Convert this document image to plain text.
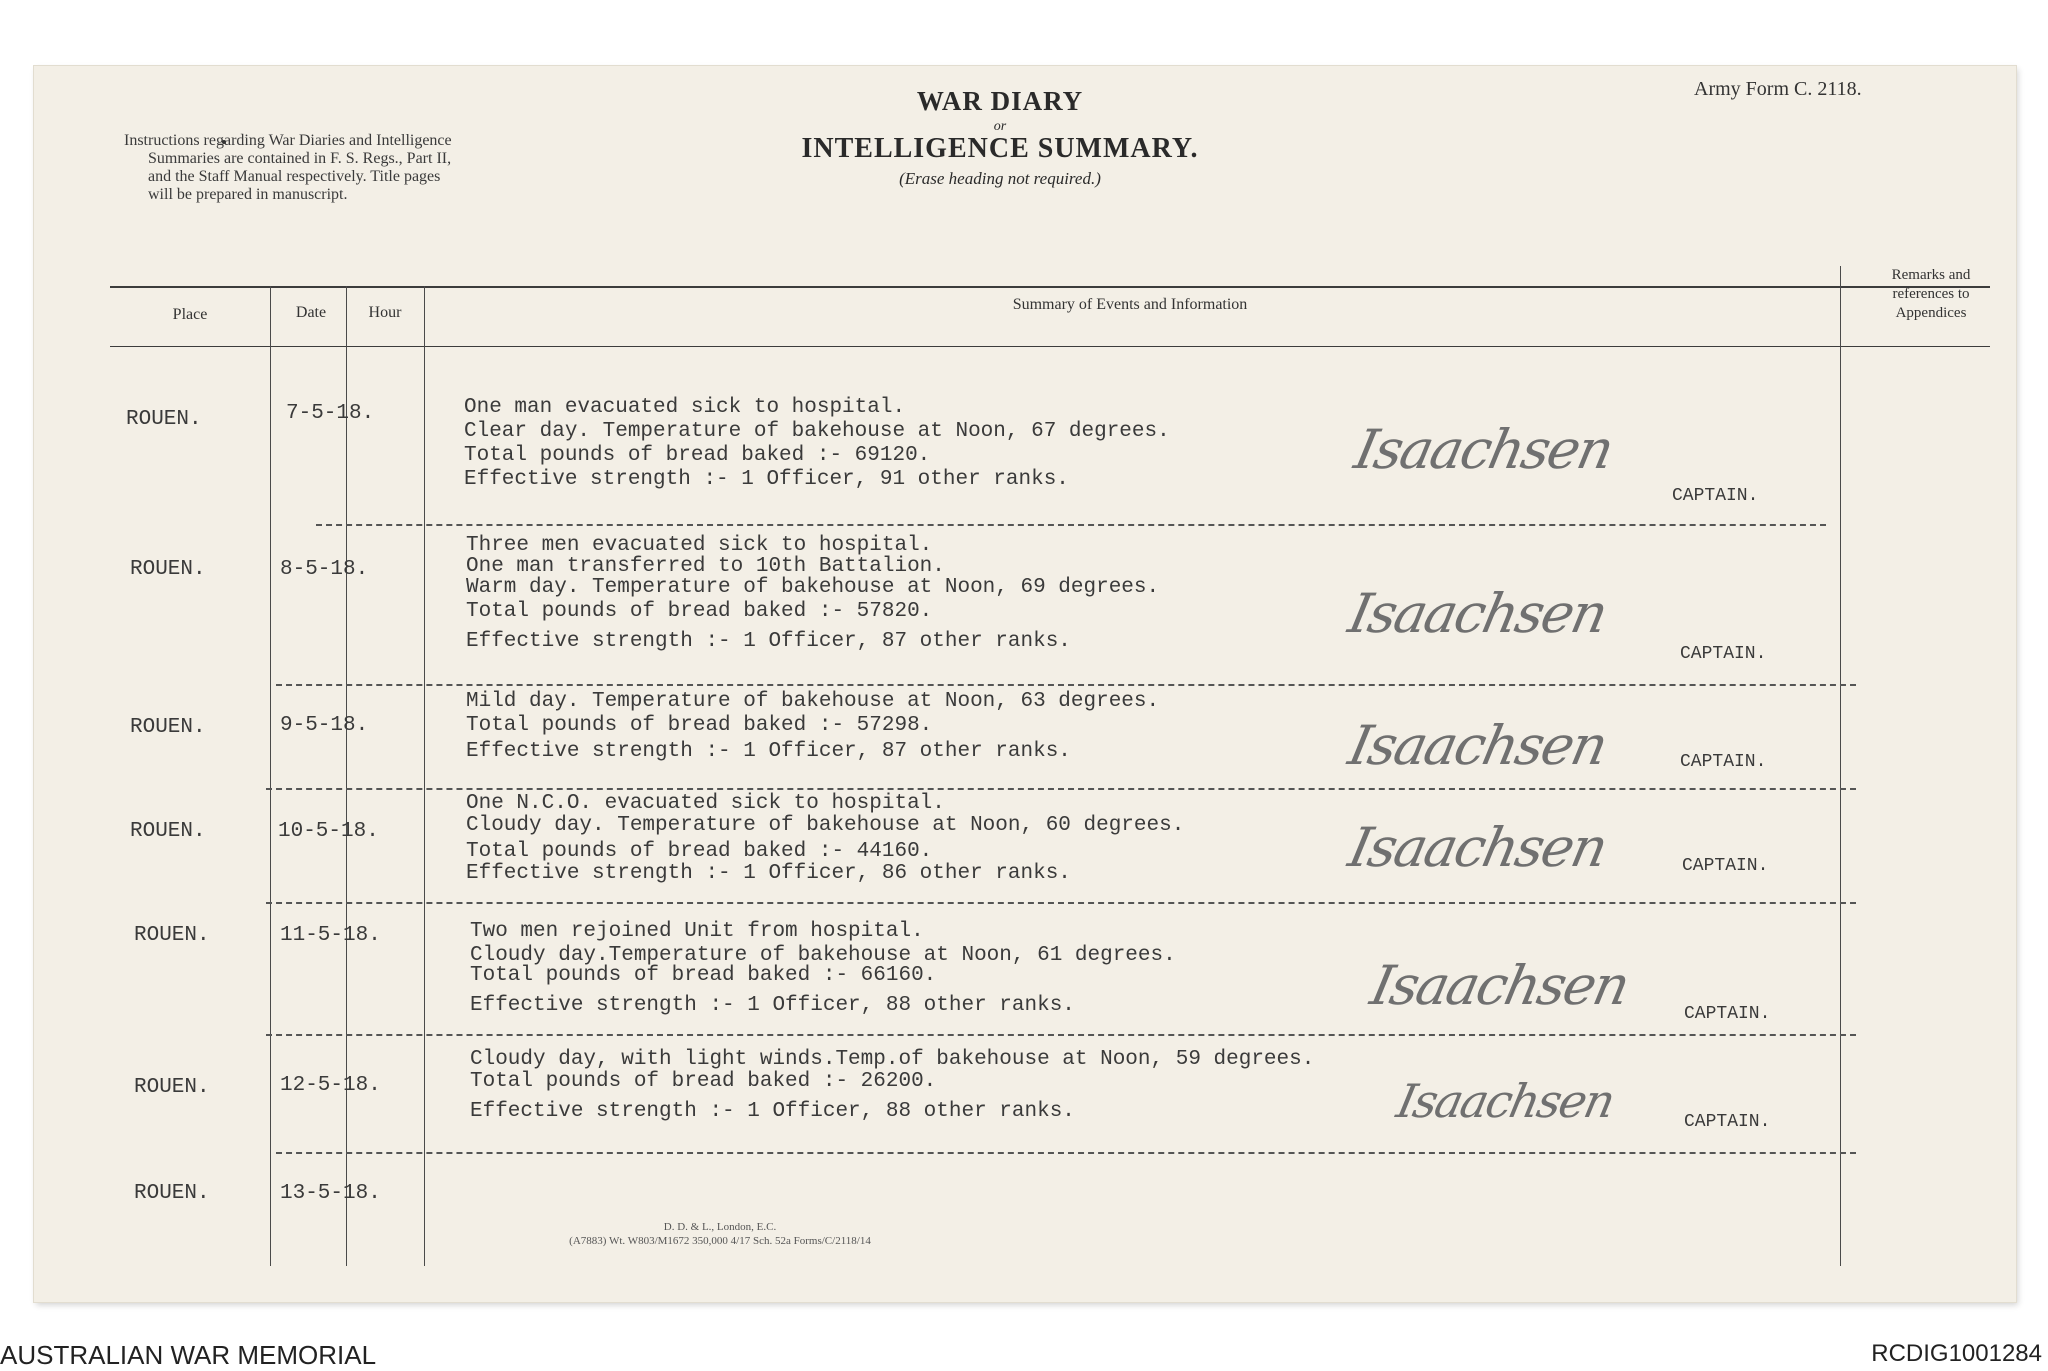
Instructions regarding War Diaries and Intelligence
Summaries are contained in F. S. Regs., Part II,
and the Staff Manual respectively. Title pages
will be prepared in manuscript.
WAR DIARY
or
INTELLIGENCE SUMMARY.
(Erase heading not required.)
Army Form C. 2118.
Place	Date	Hour	Summary of Events and Information
Remarks and
references to
Appendices
ROUEN.	7-5-18.	One man evacuated sick to hospital.
Clear day. Temperature of bakehouse at Noon, 67 degrees.
Total pounds of bread baked :- 69120.
Effective strength :- 1 Officer, 91 other ranks.	Isaachsen
CAPTAIN.
ROUEN.	8-5-18.
Three men evacuated sick to hospital.
One man transferred to 10th Battalion.
Warm day. Temperature of bakehouse at Noon, 69 degrees.
Total pounds of bread baked :- 57820.
Effective strength :- 1 Officer, 87 other ranks.	Isaachsen
CAPTAIN.
ROUEN.	9-5-18.
Mild day. Temperature of bakehouse at Noon, 63 degrees.
Total pounds of bread baked :- 57298.
Effective strength :- 1 Officer, 87 other ranks.	Isaachsen	CAPTAIN.
ROUEN.	10-5-18.
One N.C.O. evacuated sick to hospital.
Cloudy day. Temperature of bakehouse at Noon, 60 degrees.
Total pounds of bread baked :- 44160.
Effective strength :- 1 Officer, 86 other ranks.	Isaachsen	CAPTAIN.
ROUEN.	11-5-18.	Two men rejoined Unit from hospital.
Cloudy day.Temperature of bakehouse at Noon, 61 degrees.
Total pounds of bread baked :- 66160.
Effective strength :- 1 Officer, 88 other ranks.	Isaachsen	CAPTAIN.
ROUEN.	12-5-18.
Cloudy day, with light winds.Temp.of bakehouse at Noon, 59 degrees.
Total pounds of bread baked :- 26200.
Effective strength :- 1 Officer, 88 other ranks.	Isaachsen	CAPTAIN.
ROUEN.	13-5-18.
D. D. & L., London, E.C.
(A7883) Wt. W803/M1672 350,000 4/17 Sch. 52a Forms/C/2118/14
AUSTRALIAN WAR MEMORIAL	RCDIG1001284
